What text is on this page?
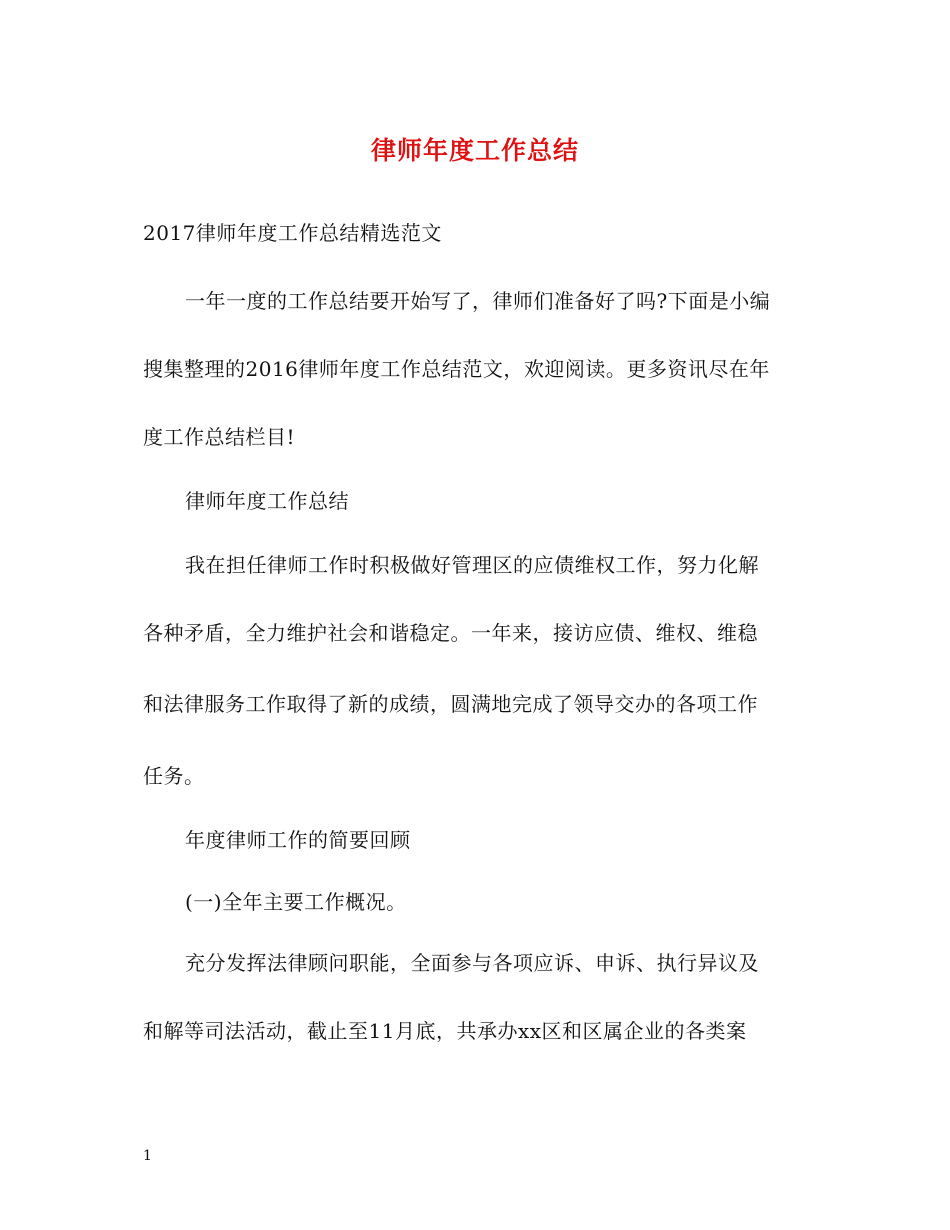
律师年度工作总结

2017律师年度工作总结精选范文

一年一度的工作总结要开始写了，律师们准备好了吗?下面是小编

搜集整理的2016律师年度工作总结范文，欢迎阅读。更多资讯尽在年

度工作总结栏目!

律师年度工作总结

我在担任律师工作时积极做好管理区的应债维权工作，努力化解

各种矛盾，全力维护社会和谐稳定。一年来，接访应债、维权、维稳

和法律服务工作取得了新的成绩，圆满地完成了领导交办的各项工作

任务。

年度律师工作的简要回顾

(一)全年主要工作概况。

充分发挥法律顾问职能，全面参与各项应诉、申诉、执行异议及

和解等司法活动，截止至11月底，共承办xx区和区属企业的各类案

1
